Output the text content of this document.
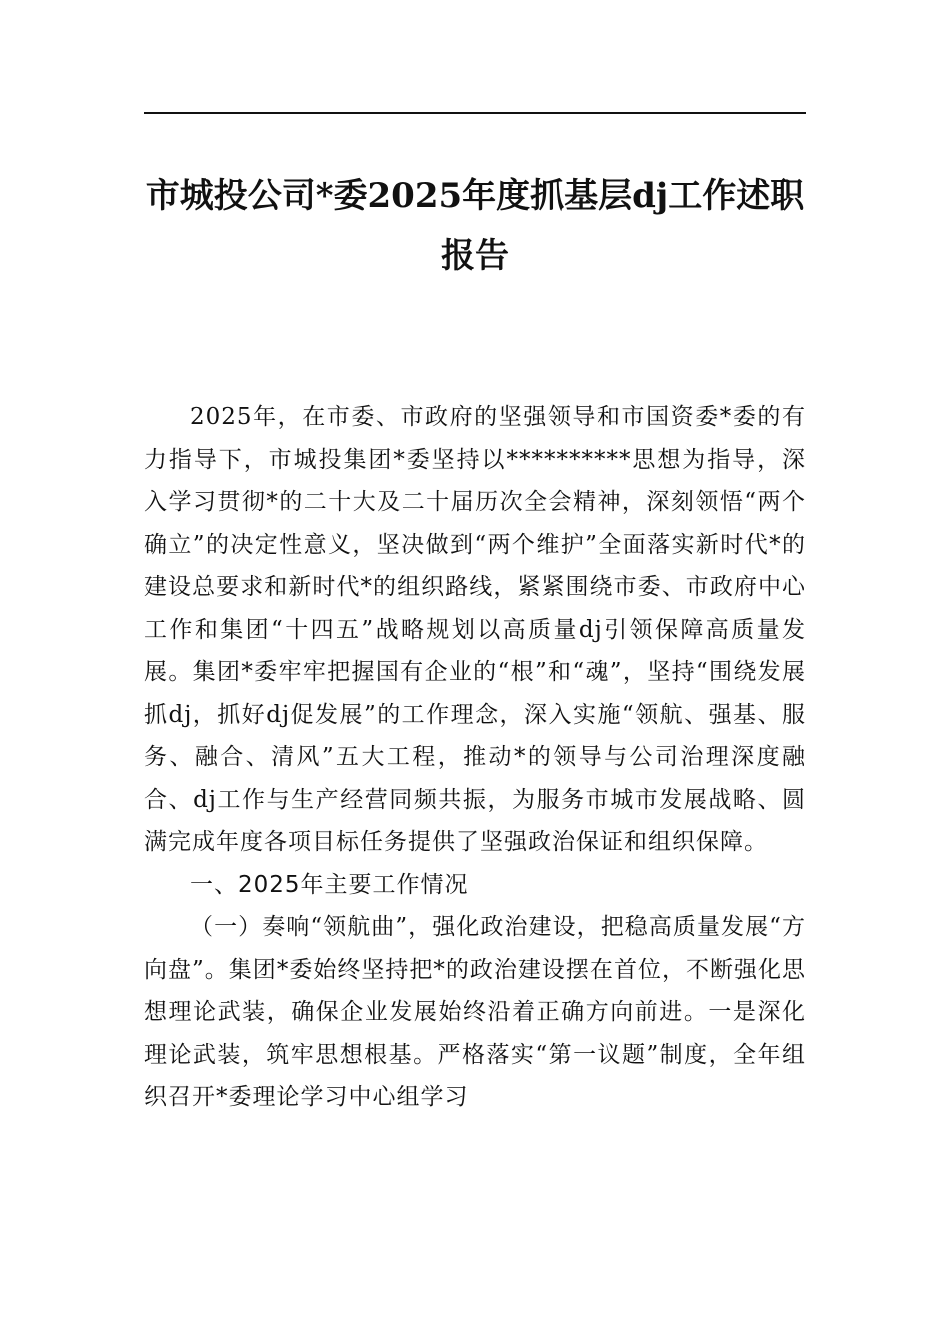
市城投公司*委2025年度抓基层dj工作述职报告

2025年，在市委、市政府的坚强领导和市国资委*委的有力指导下，市城投集团*委坚持以**********思想为指导，深入学习贯彻*的二十大及二十届历次全会精神，深刻领悟“两个确立”的决定性意义，坚决做到“两个维护”全面落实新时代*的建设总要求和新时代*的组织路线，紧紧围绕市委、市政府中心工作和集团“十四五”战略规划以高质量dj引领保障高质量发展。集团*委牢牢把握国有企业的“根”和“魂”，坚持“围绕发展抓dj，抓好dj促发展”的工作理念，深入实施“领航、强基、服务、融合、清风”五大工程，推动*的领导与公司治理深度融合、dj工作与生产经营同频共振，为服务市城市发展战略、圆满完成年度各项目标任务提供了坚强政治保证和组织保障。

一、2025年主要工作情况

（一）奏响“领航曲”，强化政治建设，把稳高质量发展“方向盘”。集团*委始终坚持把*的政治建设摆在首位，不断强化思想理论武装，确保企业发展始终沿着正确方向前进。一是深化理论武装，筑牢思想根基。严格落实“第一议题”制度，全年组织召开*委理论学习中心组学习
